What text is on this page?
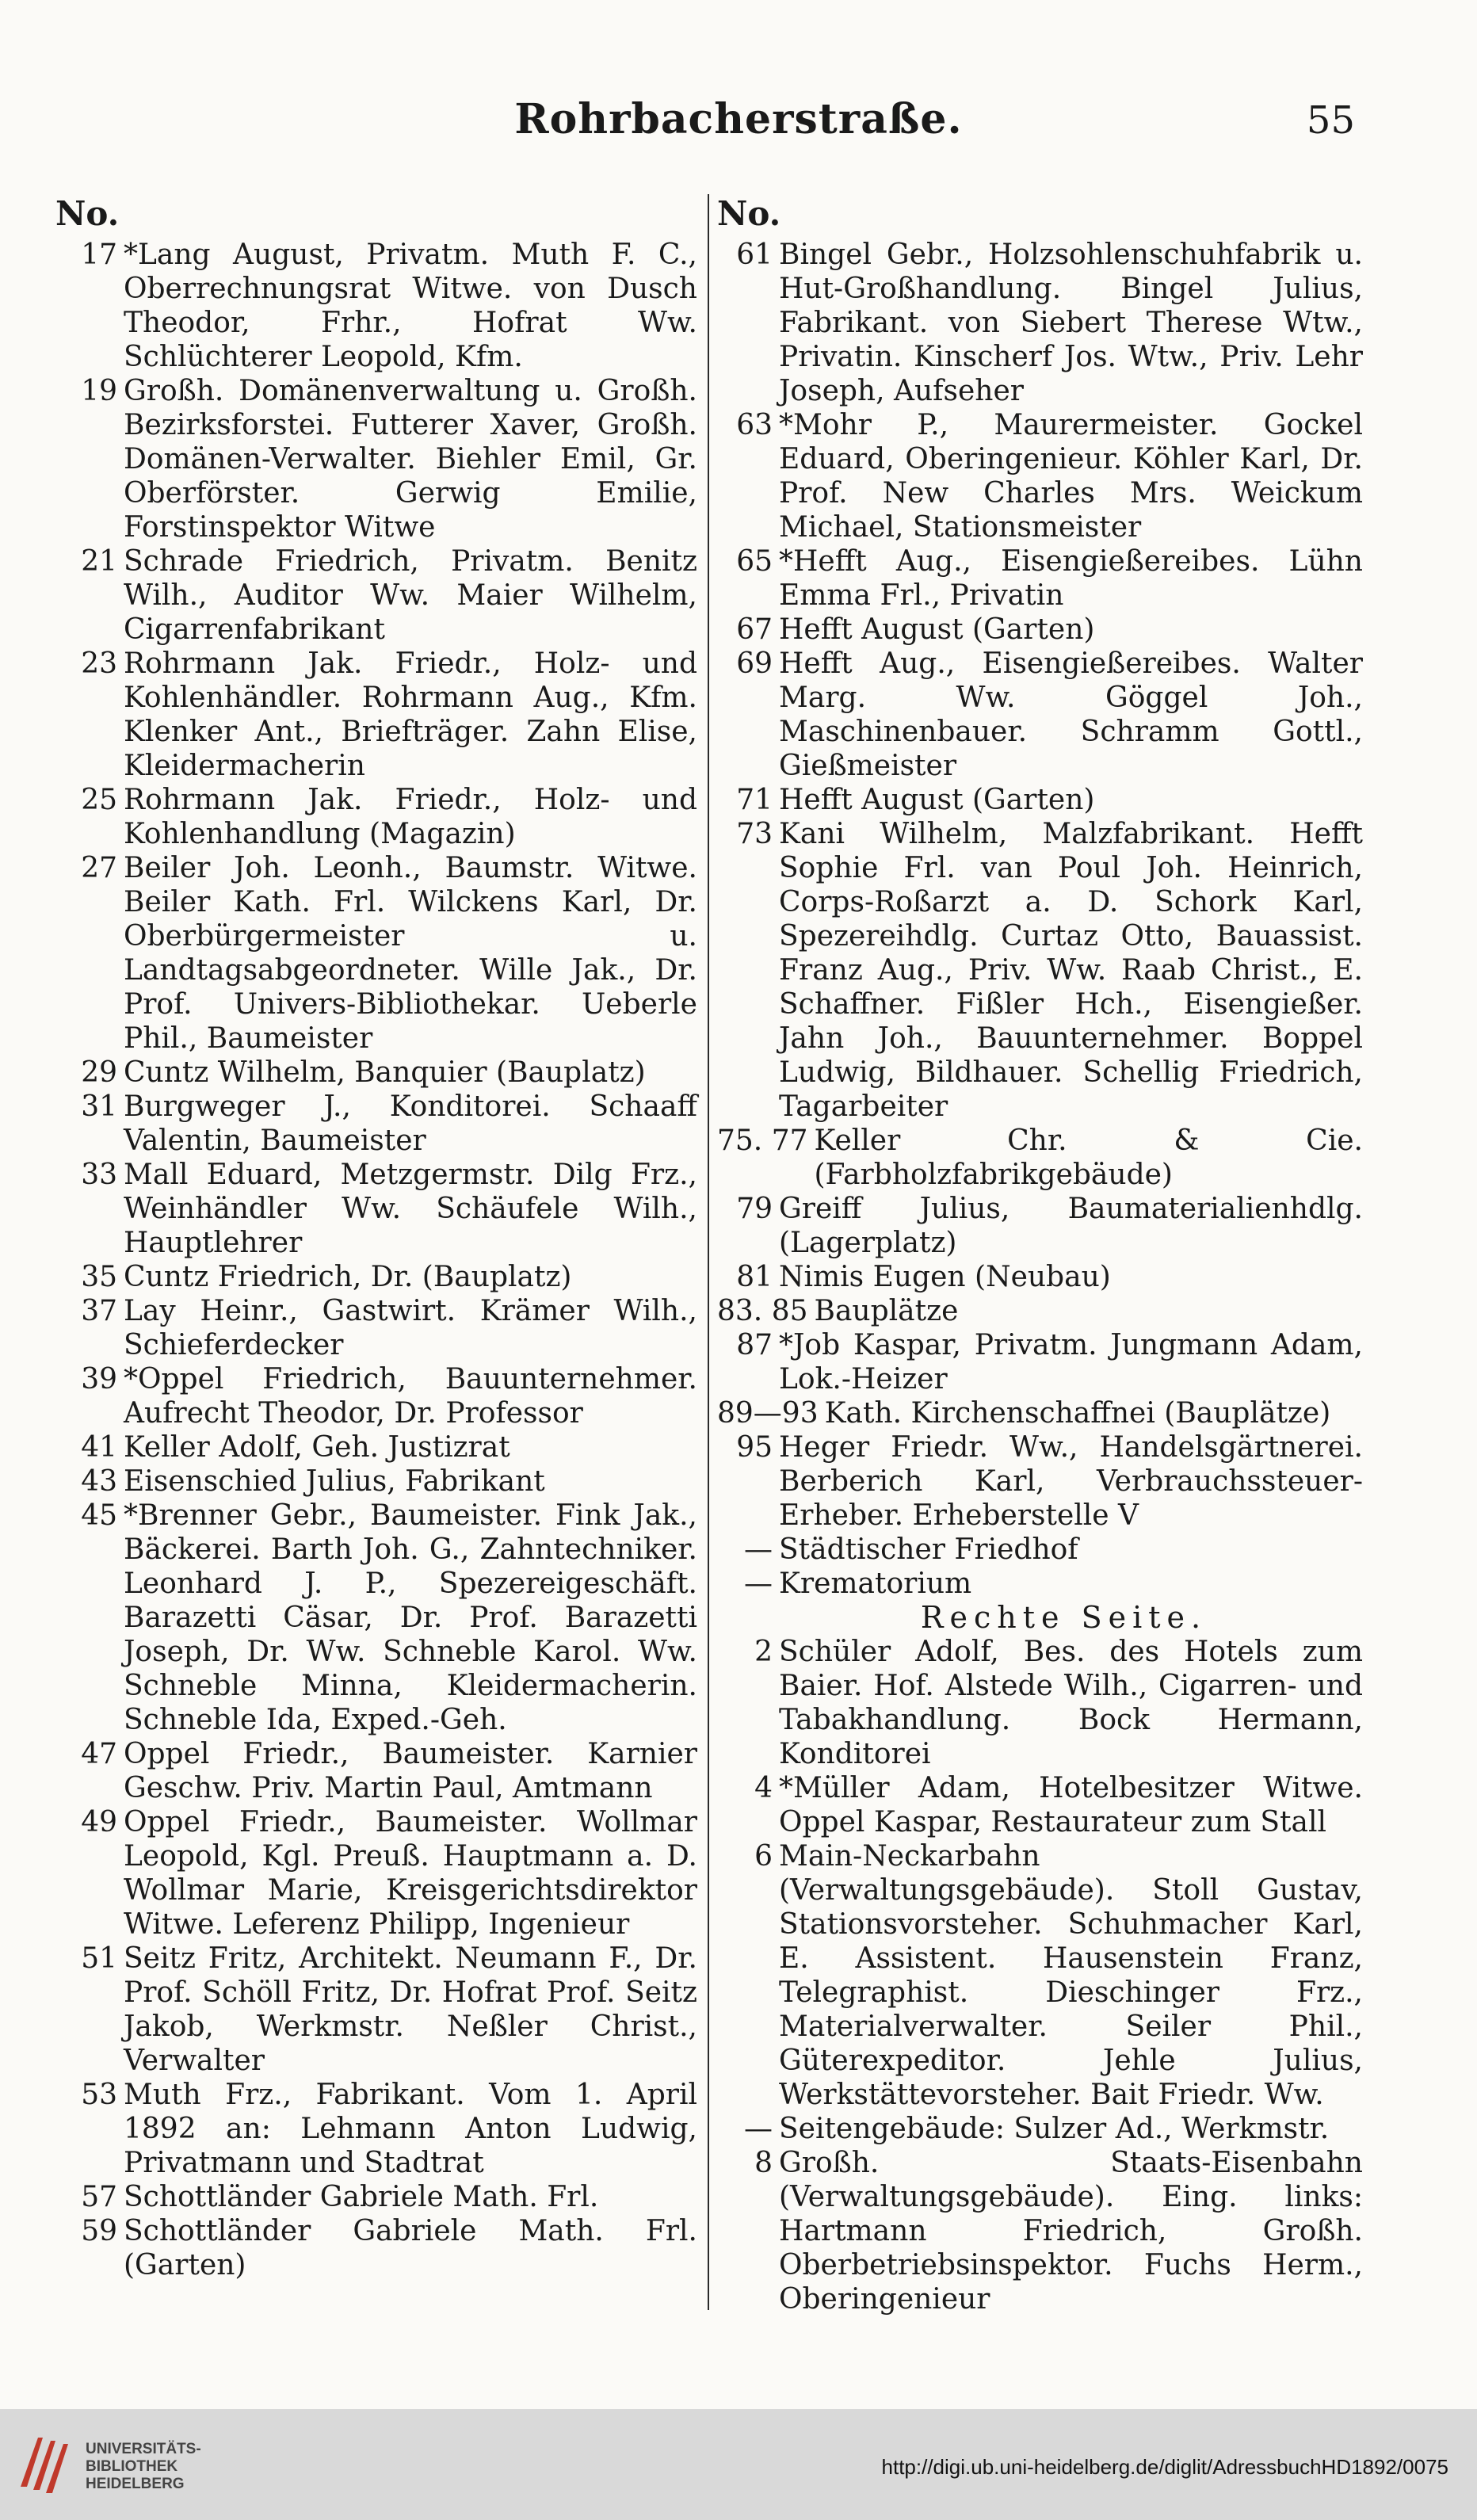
Rohrbacherstraße.	55
No.
17 *Lang August, Privatm. Muth F. C., Oberrechnungsrat Witwe. von Dusch Theodor, Frhr., Hofrat Ww. Schlüchterer Leopold, Kfm.
19 Großh. Domänenverwaltung u. Großh. Bezirksforstei. Futterer Xaver, Großh. Domänen-Verwalter. Biehler Emil, Gr. Oberförster. Gerwig Emilie, Forstinspektor Witwe
21 Schrade Friedrich, Privatm. Benitz Wilh., Auditor Ww. Maier Wilhelm, Cigarrenfabrikant
23 Rohrmann Jak. Friedr., Holz- und Kohlenhändler. Rohrmann Aug., Kfm. Klenker Ant., Briefträger. Zahn Elise, Kleidermacherin
25 Rohrmann Jak. Friedr., Holz- und Kohlenhandlung (Magazin)
27 Beiler Joh. Leonh., Baumstr. Witwe. Beiler Kath. Frl. Wilckens Karl, Dr. Oberbürgermeister u. Landtagsabgeordneter. Wille Jak., Dr. Prof. Univers‑Bibliothekar. Ueberle Phil., Baumeister
29 Cuntz Wilhelm, Banquier (Bauplatz)
31 Burgweger J., Konditorei. Schaaff Valentin, Baumeister
33 Mall Eduard, Metzgermstr. Dilg Frz., Weinhändler Ww. Schäufele Wilh., Hauptlehrer
35 Cuntz Friedrich, Dr. (Bauplatz)
37 Lay Heinr., Gastwirt. Krämer Wilh., Schieferdecker
39 *Oppel Friedrich, Bauunternehmer. Aufrecht Theodor, Dr. Professor
41 Keller Adolf, Geh. Justizrat
43 Eisenschied Julius, Fabrikant
45 *Brenner Gebr., Baumeister. Fink Jak., Bäckerei. Barth Joh. G., Zahntechniker. Leonhard J. P., Spezereigeschäft. Barazetti Cäsar, Dr. Prof. Barazetti Joseph, Dr. Ww. Schneble Karol. Ww. Schneble Minna, Kleidermacherin. Schneble Ida, Exped.-Geh.
47 Oppel Friedr., Baumeister. Karnier Geschw. Priv. Martin Paul, Amtmann
49 Oppel Friedr., Baumeister. Wollmar Leopold, Kgl. Preuß. Hauptmann a. D. Wollmar Marie, Kreisgerichtsdirektor Witwe. Leferenz Philipp, Ingenieur
51 Seitz Fritz, Architekt. Neumann F., Dr. Prof. Schöll Fritz, Dr. Hofrat Prof. Seitz Jakob, Werkmstr. Neßler Christ., Verwalter
53 Muth Frz., Fabrikant. Vom 1. April 1892 an: Lehmann Anton Ludwig, Privatmann und Stadtrat
57 Schottländer Gabriele Math. Frl.
59 Schottländer Gabriele Math. Frl. (Garten)
No.
61 Bingel Gebr., Holzsohlenschuhfabrik u. Hut-Großhandlung. Bingel Julius, Fabrikant. von Siebert Therese Wtw., Privatin. Kinscherf Jos. Wtw., Priv. Lehr Joseph, Aufseher
63 *Mohr P., Maurermeister. Gockel Eduard, Oberingenieur. Köhler Karl, Dr. Prof. New Charles Mrs. Weickum Michael, Stationsmeister
65 *Hefft Aug., Eisengießereibes. Lühn Emma Frl., Privatin
67 Hefft August (Garten)
69 Hefft Aug., Eisengießereibes. Walter Marg. Ww. Göggel Joh., Maschinenbauer. Schramm Gottl., Gießmeister
71 Hefft August (Garten)
73 Kani Wilhelm, Malzfabrikant. Hefft Sophie Frl. van Poul Joh. Heinrich, Corps-Roßarzt a. D. Schork Karl, Spezereihdlg. Curtaz Otto, Bauassist. Franz Aug., Priv. Ww. Raab Christ., E. Schaffner. Fißler Hch., Eisengießer. Jahn Joh., Bauunternehmer. Boppel Ludwig, Bildhauer. Schellig Friedrich, Tagarbeiter
75. 77 Keller Chr. & Cie. (Farbholzfabrikgebäude)
79 Greiff Julius, Baumaterialienhdlg. (Lagerplatz)
81 Nimis Eugen (Neubau)
83. 85 Bauplätze
87 *Job Kaspar, Privatm. Jungmann Adam, Lok.-Heizer
89—93 Kath. Kirchenschaffnei (Bauplätze)
95 Heger Friedr. Ww., Handelsgärtnerei. Berberich Karl, Verbrauchssteuer-Erheber. Erheberstelle V
— Städtischer Friedhof
— Krematorium
Rechte Seite.
2 Schüler Adolf, Bes. des Hotels zum Baier. Hof. Alstede Wilh., Cigarren- und Tabakhandlung. Bock Hermann, Konditorei
4 *Müller Adam, Hotelbesitzer Witwe. Oppel Kaspar, Restaurateur zum Stall
6 Main-Neckarbahn (Verwaltungsgebäude). Stoll Gustav, Stationsvorsteher. Schuhmacher Karl, E. Assistent. Hausenstein Franz, Telegraphist. Dieschinger Frz., Materialverwalter. Seiler Phil., Güterexpeditor. Jehle Julius, Werkstättevorsteher. Bait Friedr. Ww.
— Seitengebäude: Sulzer Ad., Werkmstr.
8 Großh. Staats-Eisenbahn (Verwaltungsgebäude). Eing. links: Hartmann Friedrich, Großh. Oberbetriebsinspektor. Fuchs Herm., Oberingenieur
UNIVERSITÄTS-
BIBLIOTHEK
HEIDELBERG
http://digi.ub.uni-heidelberg.de/diglit/AdressbuchHD1892/0075
